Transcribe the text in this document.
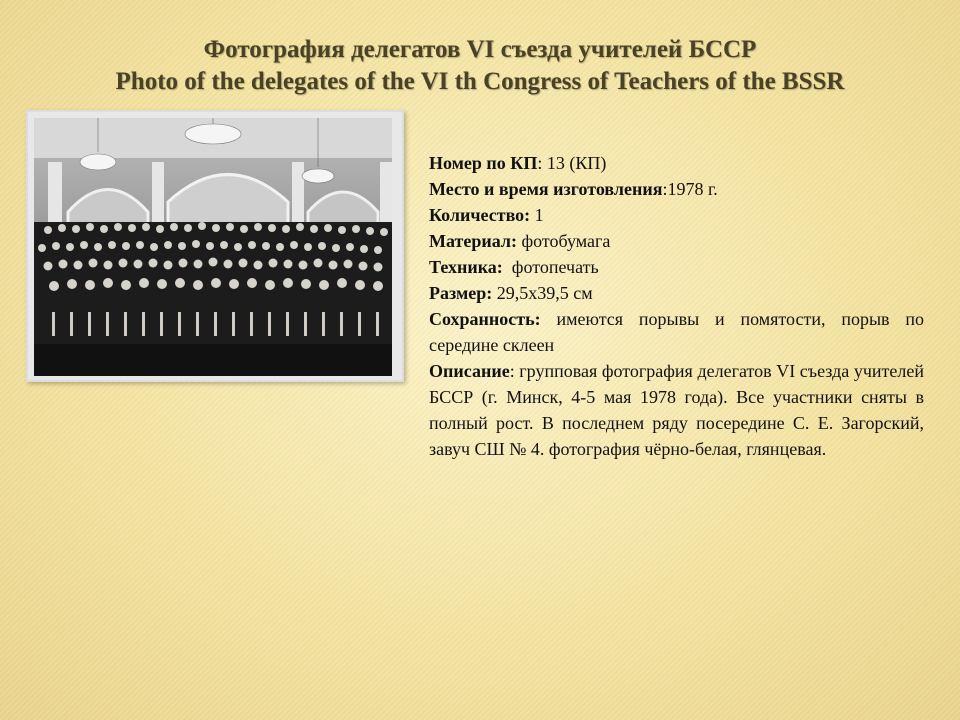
Фотография делегатов VI съезда учителей БССР
Photo of the delegates of the VI th Congress of Teachers of the BSSR

Номер по КП: 13 (КП)

Место и время изготовления:1978 г.

Количество: 1

Материал: фотобумага

Техника:  фотопечать

Размер: 29,5х39,5 см

Сохранность: имеются порывы и помятости, порыв по середине склеен

Описание: групповая фотография делегатов VI съезда учителей БССР (г. Минск, 4-5 мая 1978 года). Все участники сняты в полный рост. В последнем ряду посередине С. Е. Загорский, завуч СШ № 4. фотография чёрно-белая, глянцевая.
